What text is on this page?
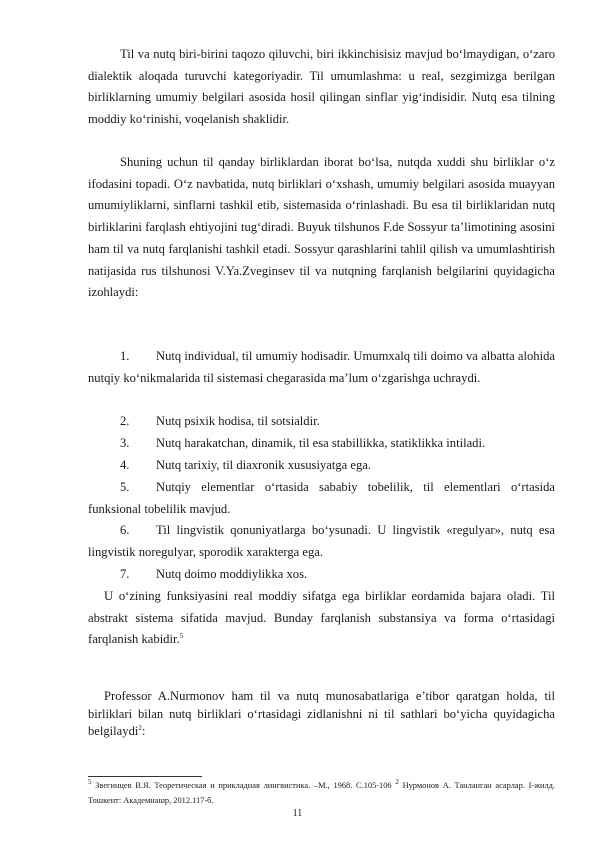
Til va nutq biri-birini taqozo qiluvchi, biri ikkinchisisiz mavjud bo‘lmaydigan, o‘zaro dialektik aloqada turuvchi kategoriyadir. Til umumlashma: u real, sezgimizga berilgan birliklarning umumiy belgilari asosida hosil qilingan sinflar yig‘indisidir. Nutq esa tilning moddiy ko‘rinishi, voqelanish shaklidir.

Shuning uchun til qanday birliklardan iborat bo‘lsa, nutqda xuddi shu birliklar o‘z ifodasini topadi. O‘z navbatida, nutq birliklari o‘xshash, umumiy belgilari asosida muayyan umumiyliklarni, sinflarni tashkil etib, sistemasida o‘rinlashadi. Bu esa til birliklaridan nutq birliklarini farqlash ehtiyojini tug‘diradi. Buyuk tilshunos F.de Sossyur ta’limotining asosini ham til va nutq farqlanishi tashkil etadi. Sossyur qarashlarini tahlil qilish va umumlashtirish natijasida rus tilshunosi V.Ya.Zveginsev til va nutqning farqlanish belgilarini quyidagicha izohlaydi:

1. Nutq individual, til umumiy hodisadir. Umumxalq tili doimo va albatta alohida nutqiy ko‘nikmalarida til sistemasi chegarasida ma’lum o‘zgarishga uchraydi.

2. Nutq psixik hodisa, til sotsialdir.

3. Nutq harakatchan, dinamik, til esa stabillikka, statiklikka intiladi.

4. Nutq tarixiy, til diaxronik xususiyatga ega.

5. Nutqiy elementlar o‘rtasida sababiy tobelilik, til elementlari o‘rtasida funksional tobelilik mavjud.

6. Til lingvistik qonuniyatlarga bo‘ysunadi. U lingvistik «regulyar», nutq esa lingvistik noregulyar, sporodik xarakterga ega.

7. Nutq doimo moddiylikka xos.

U o‘zining funksiyasini real moddiy sifatga ega birliklar eordamida bajara oladi. Til abstrakt sistema sifatida mavjud. Bunday farqlanish substansiya va forma o‘rtasidagi farqlanish kabidir.$^5$

Professor A.Nurmonov ham til va nutq munosabatlariga e’tibor qaratgan holda, til birliklari bilan nutq birliklari o‘rtasidagi zidlanishni ni til sathlari bo‘yicha quyidagicha belgilaydi$^2$:

$^5$ Звегинцев В.Я. Теоретическая и прикладная лингвистика. –М., 1968. С.105-106 $^2$ Нурмонов А. Танланган асарлар. I-жилд. Тошкент: Академнашр, 2012.117-б.

11
